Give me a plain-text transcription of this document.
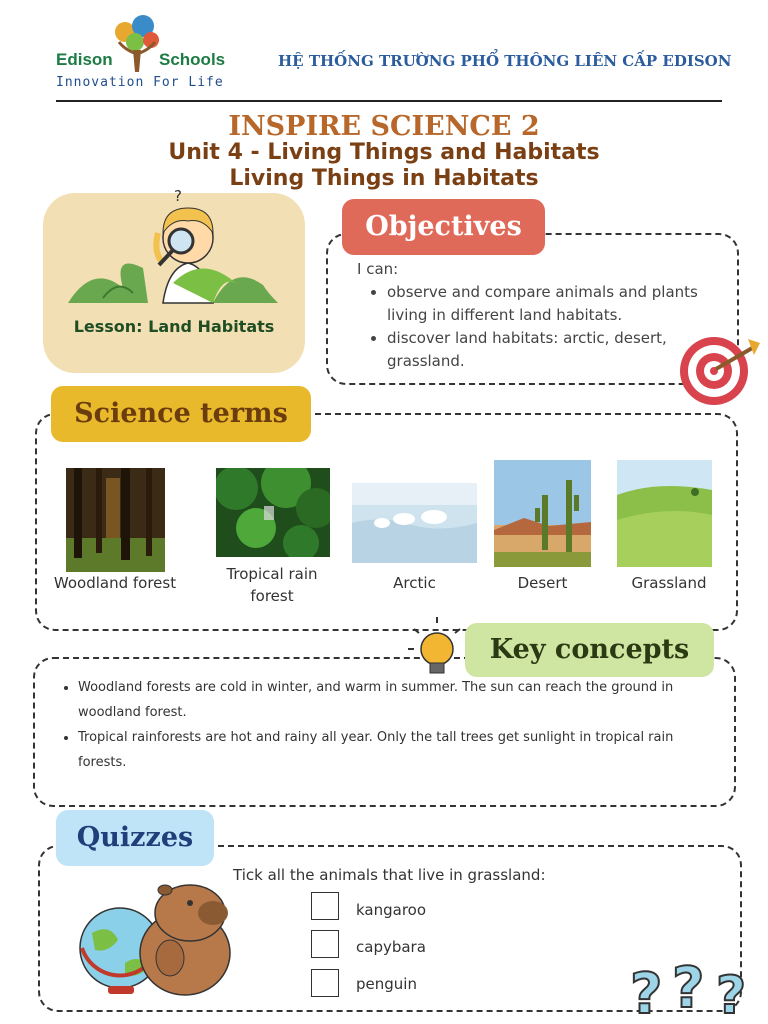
Edison	Schools
Innovation For Life
HỆ THỐNG TRƯỜNG PHỔ THÔNG LIÊN CẤP EDISON
INSPIRE SCIENCE 2
Unit 4 - Living Things and Habitats
Living Things in Habitats
?
Lesson: Land Habitats
Objectives
I can:
• observe and compare animals and plants living in different land habitats.
• discover land habitats: arctic, desert, grassland.
Science terms
Woodland forest	Tropical rain forest
Arctic	Desert	Grassland
Key concepts
• Woodland forests are cold in winter, and warm in summer. The sun can reach the ground in woodland forest.
• Tropical rainforests are hot and rainy all year. Only the tall trees get sunlight in tropical rain forests.
Quizzes
Tick all the animals that live in grassland:
kangaroo
capybara
penguin	? ? ?
